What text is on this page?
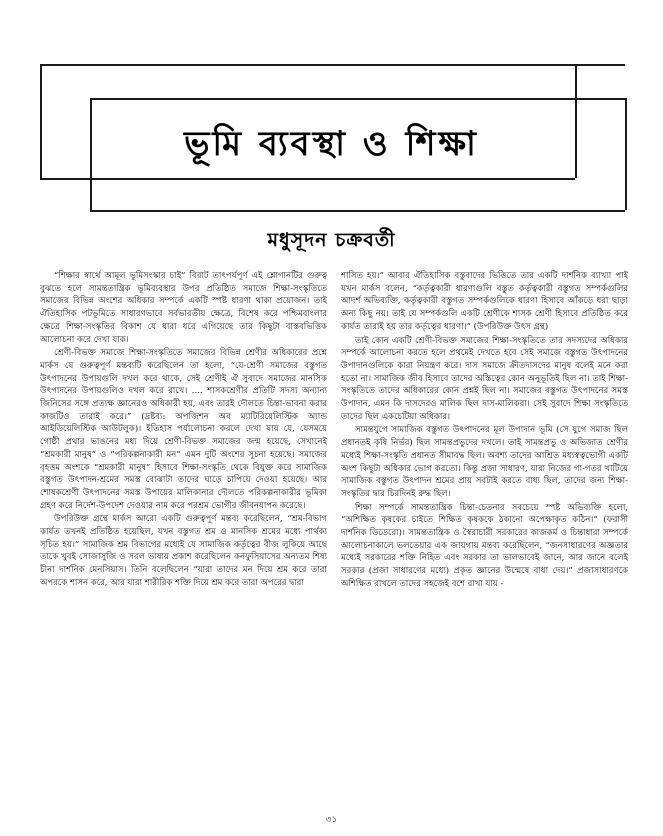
ভূমি ব্যবস্থা ও শিক্ষা
মধুসূদন চক্রবর্তী

“শিক্ষার স্বার্থে আমূল ভূমিসংস্কার চাই” বিরাট তাৎপর্যপূর্ণ এই শ্লোগানটির গুরুত্ব বুঝতে হলে সামন্ততান্ত্রিক ভূমিব্যবস্থার উপর প্রতিষ্ঠিত সমাজে শিক্ষা-সংস্কৃতিতে সমাজের বিভিন্ন অংশের অধিকার সম্পর্কে একটি স্পষ্ট ধারণা থাকা প্রয়োজন। তাই ঐতিহাসিক পটভূমিতে সাধারণভাবে সর্বভারতীয় ক্ষেত্রে, বিশেষ করে পশ্চিমবাংলার ক্ষেত্রে শিক্ষা-সংস্কৃতির বিকাশ যে ধারা ধরে এগিয়েছে তার কিছুটা বাস্তবভিত্তিক আলোচনা করে দেখা যাক।

শ্রেণী-বিভক্ত সমাজে শিক্ষা-সংস্কৃতিতে সমাজের বিভিন্ন শ্রেণীর অধিকারের প্রশ্নে মার্কস যে গুরুত্বপূর্ণ মন্তব্যটি করেছিলেন তা হলো, “যে-শ্রেণী সমাজের বস্তুগত উৎপাদনের উপায়গুলি দখল করে থাকে, সেই শ্রেণীই ঐ সুবাদে সমাজের মানসিক উৎপাদনের উপায়গুলিও দখল করে রাখে। .... শাসকশ্রেণীর প্রতিটি সদস্য অন্যান্য জিনিসের সঙ্গে প্রত্যক্ষ জ্ঞানেরও অধিকারী হয়, এবং তারই দৌলতে চিন্তা-ভাবনা করার কাজটিও তারাই করে।” (দ্রষ্টব্য: অপজিশন অব ম্যাটিরিয়েলিস্টিক অ্যান্ড আইডিয়েলিস্টিক আউটলুক)। ইতিহাস পর্যালোচনা করলে দেখা যায় যে, যেসময়ে গোষ্ঠী প্রথার ভাঙনের মধ্য দিয়ে শ্রেণী-বিভক্ত সমাজের জন্ম হয়েছে, সেখানেই “শ্রমকারী মানুষ” ও “পরিকল্পনাকারী মন” এমন দুটি অংশের সূচনা হয়েছে। সমাজের বৃহত্তম অংশকে “শ্রমকারী মানুষ” হিসাবে শিক্ষা-সংস্কৃতি থেকে বিযুক্ত করে সামাজিক বস্তুগত উৎপাদন-শ্রমের সমস্ত বোঝাটা তাদের ঘাড়ে চাপিয়ে দেওয়া হয়েছে। আর শোষকশ্রেণী উৎপাদনের সমস্ত উপায়ের মালিকানার দৌলতে পরিকল্পনাকারীর ভূমিকা গ্রহণ করে নির্দেশ-উপদেশ দেওয়ার নাম করে পরশ্রম ভোগীর জীবনযাপন করেছে।

উপরিউক্ত গ্রন্থে মার্কস আরো একটি গুরুত্বপূর্ণ মন্তব্য করেছিলেন, “শ্রম-বিভাগ কার্যত তখনই প্রতিষ্ঠিত হয়েছিল, যখন বস্তুগত শ্রম ও মানসিক শ্রমের মধ্যে পার্থক্য সৃচিত হয়।” সামাজিক শ্রম বিভাগের মধ্যেই যে সামাজিক কর্তৃত্বের বীজ লুকিয়ে আছে তাকে খুবই সোজাসুজি ও সরল ভাষায় প্রকাশ করেছিলেন কনফুসিয়াসের অন্যতম শিষ্য চীনা দার্শনিক মেনসিয়াস। তিনি বলেছিলেন “যারা তাদের মন দিয়ে শ্রম করে তারা অপরকে শাসন করে, আর যারা শারীরিক শক্তি দিয়ে শ্রম করে তারা অপরের দ্বারা

শাসিত হয়।” আবার ঐতিহাসিক বস্তুবাদের ভিত্তিতে তার একটি দার্শনিক ব্যাখ্যা পাই যখন মার্কস বলেন, “কর্তৃত্বকারী ধারণাগুলি বস্তুত কর্তৃত্বকারী বস্তুগত সম্পর্কগুলির আদর্শ অভিব্যক্তি, কর্তৃত্বকারী বস্তুগত সম্পর্কগুলিকে ধারণা হিসাবে আঁকড়ে ধরা ছাড়া অন্য কিছু নয়। তাই যে সম্পর্কগুলি একটি শ্রেণীকে শাসক শ্রেণী হিসাবে প্রতিষ্ঠিত করে কার্যত তারাই হয় তার কর্তৃত্বের ধারণা।” (উপরিউক্ত উৎস গ্রন্থ)

তাই কোন একটি শ্রেণী-বিভক্ত সমাজের শিক্ষা-সংস্কৃতিতে তার সদস্যদের অধিকার সম্পর্কে আলোচনা করতে হলে প্রথমেই দেখতে হবে সেই সমাজে বস্তুগত উৎপাদনের উপাদানগুলিকে কারা নিয়ন্ত্রণ করে। দাস সমাজে ক্রীতদাসদের মানুষ বলেই মনে করা হতো না। সামাজিক জীব হিসাবে তাদের অস্তিত্বের কোন অনুভূতিই ছিল না। তাই শিক্ষা-সংস্কৃতিতে তাদের অধিকারের কোন প্রশ্নই ছিল না। সমাজের বস্তুগত উৎপাদনের সমস্ত উপাদান, এমন কি দাসদেরও মালিক ছিল দাস-মালিকরা। সেই সুবাদে শিক্ষা সংস্কৃতিতে তাদের ছিল একচেটিয়া অধিকার।

সামন্তযুগে সামাজিক বস্তুগত উৎপাদনের মূল উপাদান ভূমি (সে যুগে সমাজ ছিল প্রধানতই কৃষি নির্ভর) ছিল সামন্তপ্রভুদের দখলে। তাই সামন্তপ্রভু ও অভিজাত শ্রেণীর মধ্যেই শিক্ষা-সংস্কৃতি প্রধানত সীমাবদ্ধ ছিল। অবশ্য তাদের আশ্রিত মধ্যস্বত্বভোগী একটি অংশ কিছুটা অধিকার ভোগ করতো। কিন্তু প্রজা সাধারণ, যারা নিজের গা-গতর খাটিয়ে সামাজিক বস্তুগত উৎপাদন শ্রমের প্রায় সবটাই করতে বাধ্য ছিল, তাদের জন্য শিক্ষা-সংস্কৃতির দ্বার চিরদিনই রুদ্ধ ছিল।

শিক্ষা সম্পর্কে সামন্ততান্ত্রিক চিন্তা-চেতনার সবচেয়ে স্পষ্ট অভিব্যক্তি হলো, “অশিক্ষিত কৃষকের চাইতে শিক্ষিত কৃষককে ঠকানো অপেক্ষাকৃত কঠিন।” (ফরাসী দার্শনিক ডিডেরো)। সামন্ততান্ত্রিক ও স্বৈরাচারী সরকারের কাজকর্ম ও চিন্তাধারা সম্পর্কে আলোচনাকালে ভলতেয়ার এক জায়গায় মন্তব্য করেছিলেন, “জনসাধারণের অজ্ঞতার মধ্যেই সরকারের শক্তি নিহিত এবং সরকার তা ভালভাবেই জানে, আর জানে বলেই সরকার (প্রজা সাধারণের মধ্যে) প্রকৃত জ্ঞানের উন্মেষে বাধা দেয়।” প্রজাসাধারণকে অশিক্ষিত রাখলে তাদের সহজেই বশে রাখা যায় -

৩১
